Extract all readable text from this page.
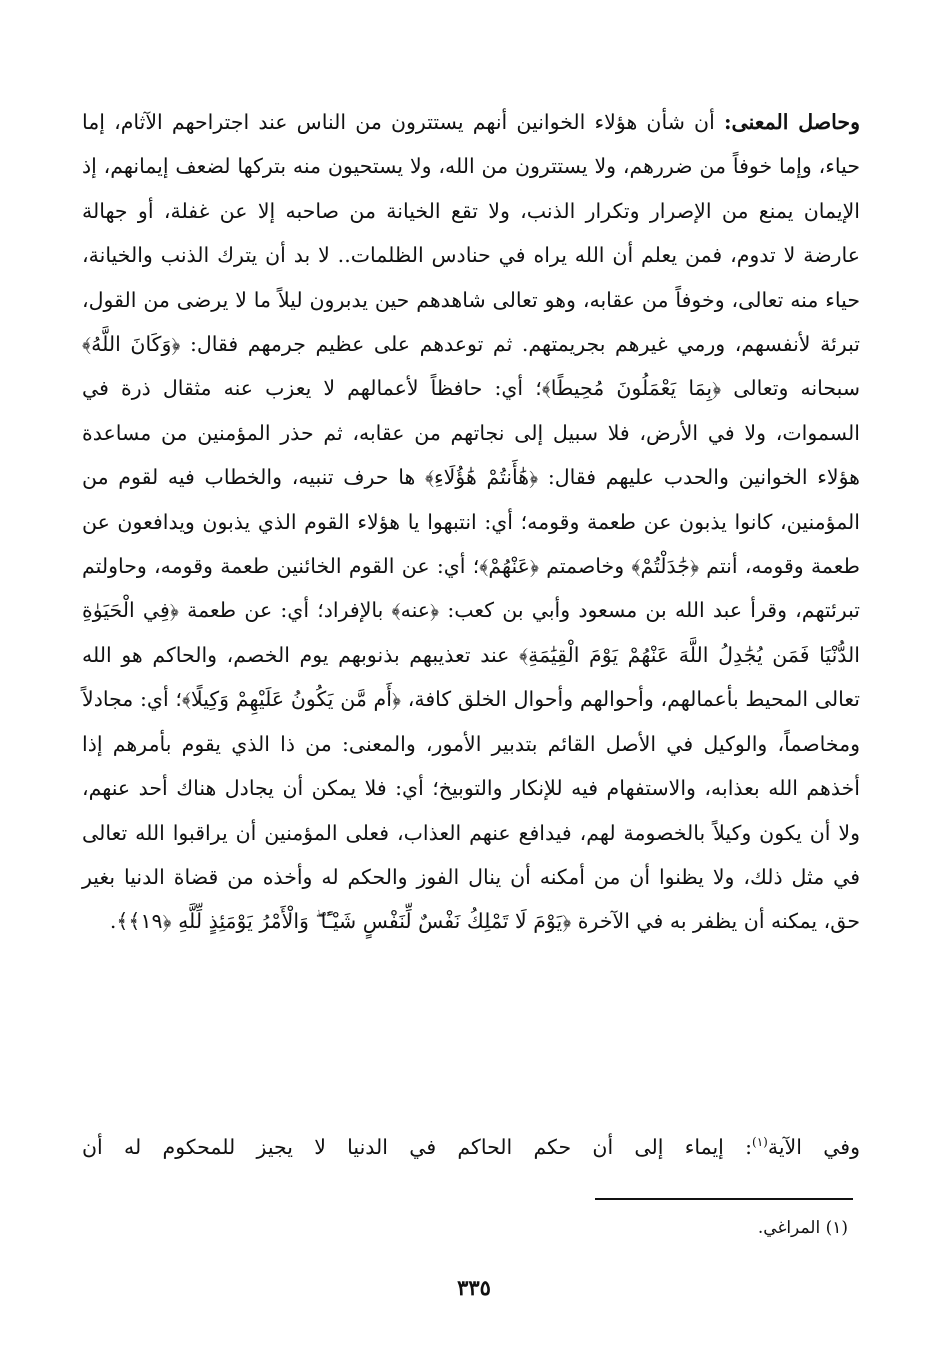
وحاصل المعنى: أن شأن هؤلاء الخوانين أنهم يستترون من الناس عند اجتراحهم الآثام، إما حياء، وإما خوفاً من ضررهم، ولا يستترون من الله، ولا يستحيون منه بتركها لضعف إيمانهم، إذ الإيمان يمنع من الإصرار وتكرار الذنب، ولا تقع الخيانة من صاحبه إلا عن غفلة، أو جهالة عارضة لا تدوم، فمن يعلم أن الله يراه في حنادس الظلمات.. لا بد أن يترك الذنب والخيانة، حياء منه تعالى، وخوفاً من عقابه، وهو تعالى شاهدهم حين يدبرون ليلاً ما لا يرضى من القول، تبرئة لأنفسهم، ورمي غيرهم بجريمتهم. ثم توعدهم على عظيم جرمهم فقال: ﴿وَكَانَ اللَّهُ﴾ سبحانه وتعالى ﴿بِمَا يَعْمَلُونَ مُحِيطًا﴾؛ أي: حافظاً لأعمالهم لا يعزب عنه مثقال ذرة في السموات، ولا في الأرض، فلا سبيل إلى نجاتهم من عقابه، ثم حذر المؤمنين من مساعدة هؤلاء الخوانين والحدب عليهم فقال: ﴿هَٰأَنتُمْ هَٰؤُلَاءِ﴾ ها حرف تنبيه، والخطاب فيه لقوم من المؤمنين، كانوا يذبون عن طعمة وقومه؛ أي: انتبهوا يا هؤلاء القوم الذي يذبون ويدافعون عن طعمة وقومه، أنتم ﴿جَٰدَلْتُمْ﴾ وخاصمتم ﴿عَنْهُمْ﴾؛ أي: عن القوم الخائنين طعمة وقومه، وحاولتم تبرئتهم، وقرأ عبد الله بن مسعود وأبي بن كعب: ﴿عنه﴾ بالإفراد؛ أي: عن طعمة ﴿فِي الْحَيَوٰةِ الدُّنْيَا فَمَن يُجَٰدِلُ اللَّهَ عَنْهُمْ يَوْمَ الْقِيَٰمَةِ﴾ عند تعذيبهم بذنوبهم يوم الخصم، والحاكم هو الله تعالى المحيط بأعمالهم، وأحوالهم وأحوال الخلق كافة، ﴿أَم مَّن يَكُونُ عَلَيْهِمْ وَكِيلًا﴾؛ أي: مجادلاً ومخاصماً، والوكيل في الأصل القائم بتدبير الأمور، والمعنى: من ذا الذي يقوم بأمرهم إذا أخذهم الله بعذابه، والاستفهام فيه للإنكار والتوبيخ؛ أي: فلا يمكن أن يجادل هناك أحد عنهم، ولا أن يكون وكيلاً بالخصومة لهم، فيدافع عنهم العذاب، فعلى المؤمنين أن يراقبوا الله تعالى في مثل ذلك، ولا يظنوا أن من أمكنه أن ينال الفوز والحكم له وأخذه من قضاة الدنيا بغير حق، يمكنه أن يظفر به في الآخرة ﴿يَوْمَ لَا تَمْلِكُ نَفْسٌ لِّنَفْسٍ شَيْـًٔا ۖ وَالْأَمْرُ يَوْمَئِذٍ لِّلَّهِ ﴿١٩﴾﴾.

وفي الآية$^{(١)}$: إيماء إلى أن حكم الحاكم في الدنيا لا يجيز للمحكوم له أن

(١) المراغي.

٣٣٥
